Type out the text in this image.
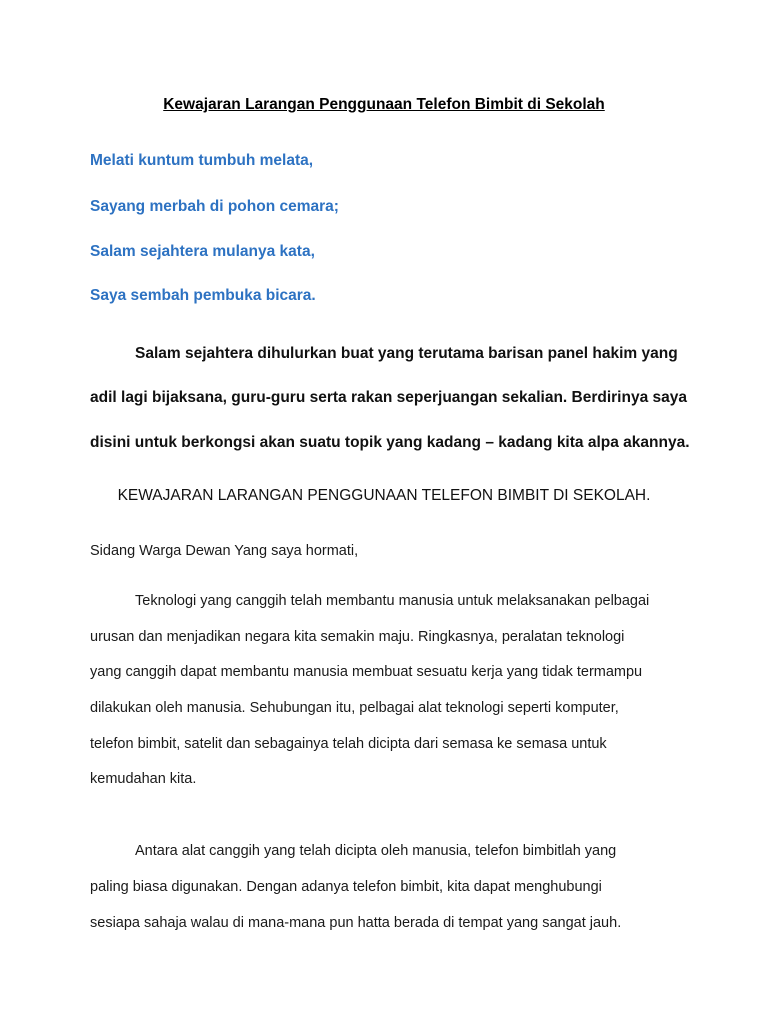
Kewajaran Larangan Penggunaan Telefon Bimbit di Sekolah

Melati kuntum tumbuh melata,

Sayang merbah di pohon cemara;

Salam sejahtera mulanya kata,

Saya sembah pembuka bicara.

Salam sejahtera dihulurkan buat yang terutama barisan panel hakim yang

adil lagi bijaksana, guru-guru serta rakan seperjuangan sekalian. Berdirinya saya

disini untuk berkongsi akan suatu topik yang kadang – kadang kita alpa akannya.

KEWAJARAN LARANGAN PENGGUNAAN TELEFON BIMBIT DI SEKOLAH.

Sidang Warga Dewan Yang saya hormati,

Teknologi yang canggih telah membantu manusia untuk melaksanakan pelbagai

urusan dan menjadikan negara kita semakin maju. Ringkasnya, peralatan teknologi

yang canggih dapat membantu manusia membuat sesuatu kerja yang tidak termampu

dilakukan oleh manusia. Sehubungan itu, pelbagai alat teknologi seperti komputer,

telefon bimbit, satelit dan sebagainya telah dicipta dari semasa ke semasa untuk

kemudahan kita.

Antara alat canggih yang telah dicipta oleh manusia, telefon bimbitlah yang

paling biasa digunakan. Dengan adanya telefon bimbit, kita dapat menghubungi

sesiapa sahaja walau di mana-mana pun hatta berada di tempat yang sangat jauh.
